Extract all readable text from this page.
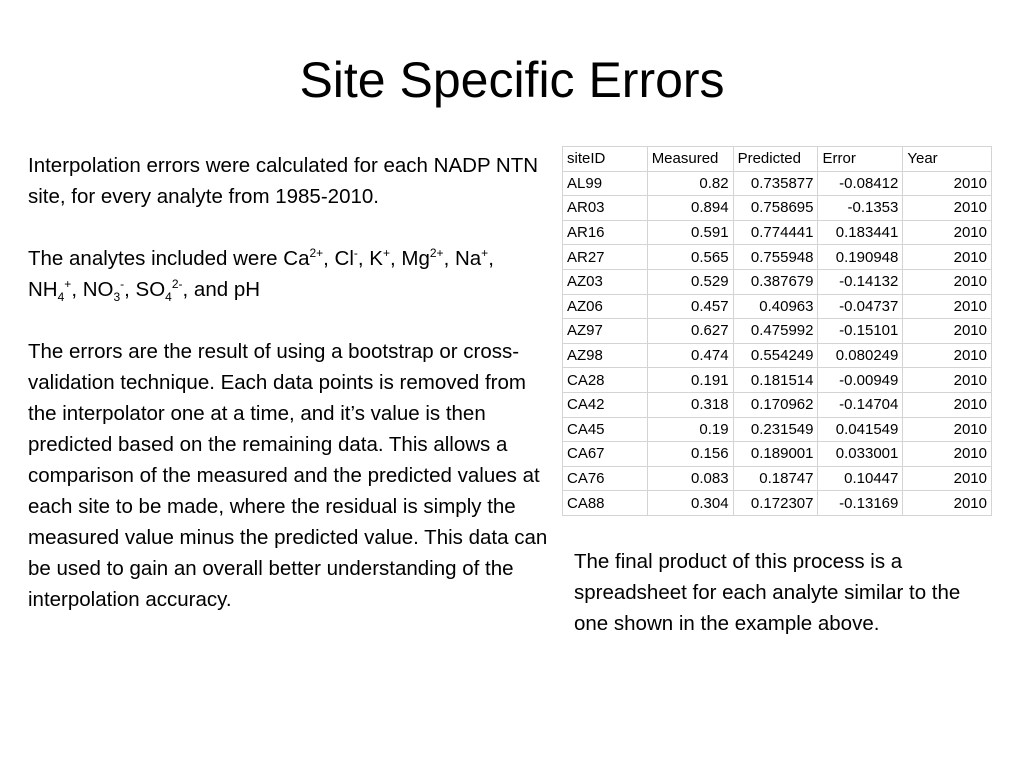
Site Specific Errors

Interpolation errors were calculated for each NADP NTN site, for every analyte from 1985-2010.

The analytes included were $Ca^{2+}$, Cl-, K+, $Mg^{2+}$, Na+, $NH_4^+$, $NO_3^-$, $SO_4^{2-}$, and pH

The errors are the result of using a bootstrap or cross-validation technique. Each data points is removed from the interpolator one at a time, and it’s value is then predicted based on the remaining data. This allows a comparison of the measured and the predicted values at each site to be made, where the residual is simply the measured value minus the predicted value. This data can be used to gain an overall better understanding of the interpolation accuracy.

siteID	Measured	Predicted	Error	Year
AL99	0.82	0.735877	-0.08412	2010
AR03	0.894	0.758695	-0.1353	2010
AR16	0.591	0.774441	0.183441	2010
AR27	0.565	0.755948	0.190948	2010
AZ03	0.529	0.387679	-0.14132	2010
AZ06	0.457	0.40963	-0.04737	2010
AZ97	0.627	0.475992	-0.15101	2010
AZ98	0.474	0.554249	0.080249	2010
CA28	0.191	0.181514	-0.00949	2010
CA42	0.318	0.170962	-0.14704	2010
CA45	0.19	0.231549	0.041549	2010
CA67	0.156	0.189001	0.033001	2010
CA76	0.083	0.18747	0.10447	2010
CA88	0.304	0.172307	-0.13169	2010

The final product of this process is a spreadsheet for each analyte similar to the one shown in the example above.
